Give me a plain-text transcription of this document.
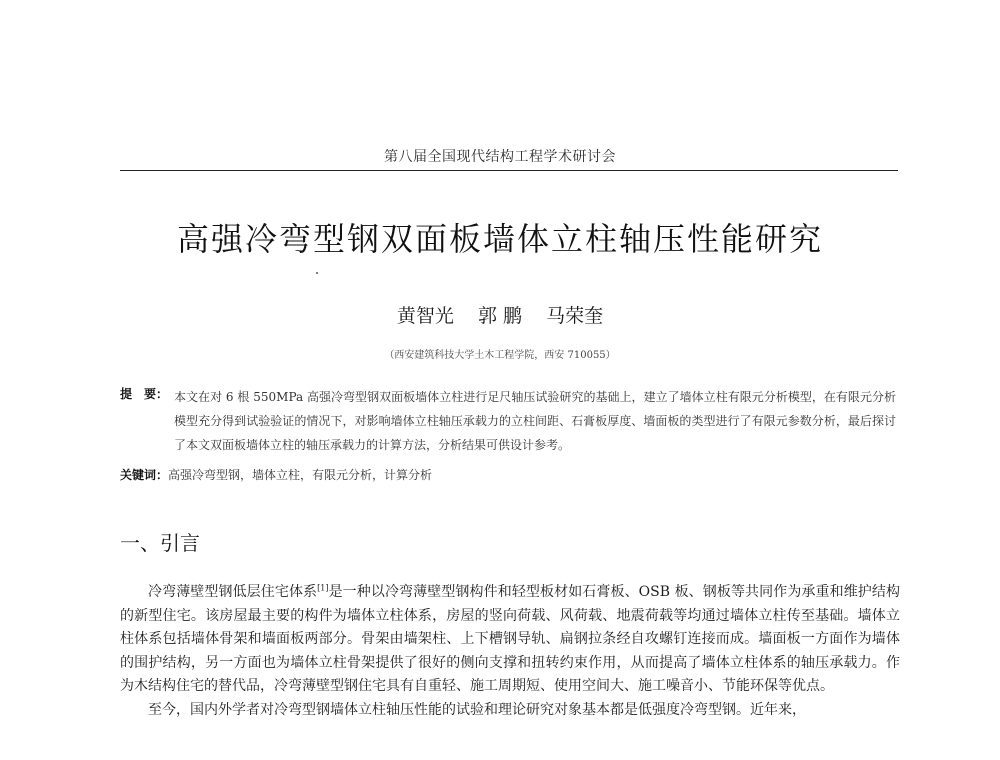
第八届全国现代结构工程学术研讨会
高强冷弯型钢双面板墙体立柱轴压性能研究
黄智光 郭 鹏 马荣奎
（西安建筑科技大学土木工程学院，西安 710055）
提　要： 本文在对 6 根 550MPa 高强冷弯型钢双面板墙体立柱进行足尺轴压试验研究的基础上，建立了墙体立柱有限元分析模型，在有限元分析模型充分得到试验验证的情况下，对影响墙体立柱轴压承载力的立柱间距、石膏板厚度、墙面板的类型进行了有限元参数分析，最后探讨了本文双面板墙体立柱的轴压承载力的计算方法，分析结果可供设计参考。
关键词：高强冷弯型钢，墙体立柱，有限元分析，计算分析
一、引言

冷弯薄壁型钢低层住宅体系[1]是一种以冷弯薄壁型钢构件和轻型板材如石膏板、OSB 板、钢板等共同作为承重和维护结构的新型住宅。该房屋最主要的构件为墙体立柱体系，房屋的竖向荷载、风荷载、地震荷载等均通过墙体立柱传至基础。墙体立柱体系包括墙体骨架和墙面板两部分。骨架由墙架柱、上下槽钢导轨、扁钢拉条经自攻螺钉连接而成。墙面板一方面作为墙体的围护结构，另一方面也为墙体立柱骨架提供了很好的侧向支撑和扭转约束作用，从而提高了墙体立柱体系的轴压承载力。作为木结构住宅的替代品，冷弯薄壁型钢住宅具有自重轻、施工周期短、使用空间大、施工噪音小、节能环保等优点。

至今，国内外学者对冷弯型钢墙体立柱轴压性能的试验和理论研究对象基本都是低强度冷弯型钢。近年来，
